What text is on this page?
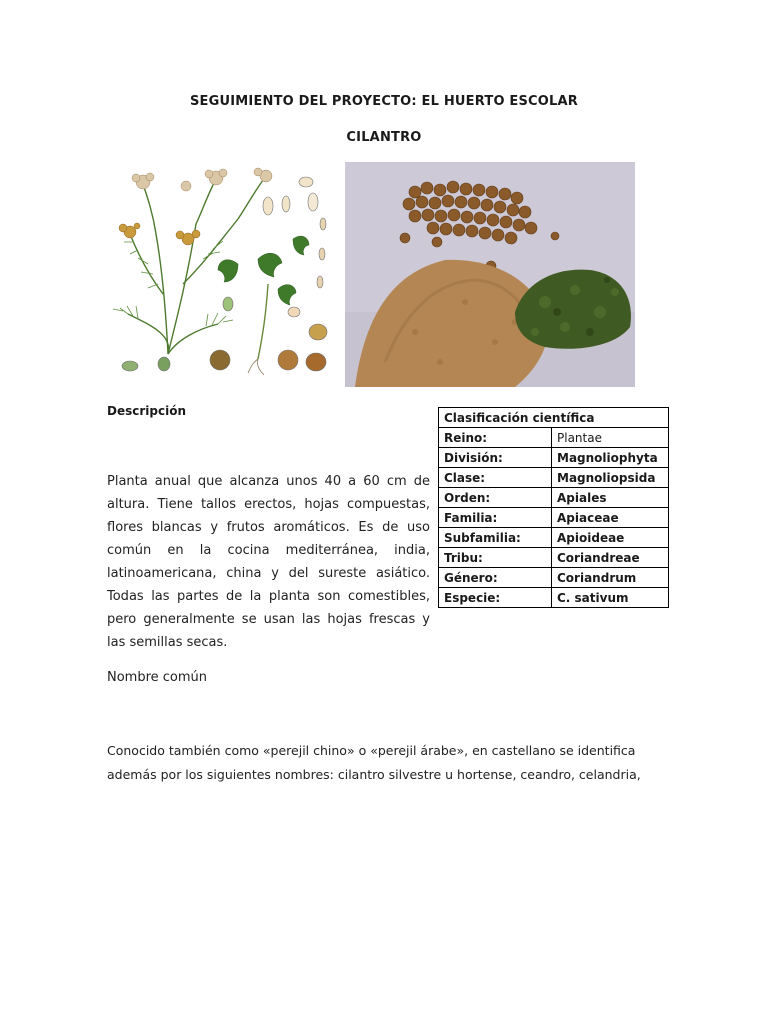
SEGUIMIENTO DEL PROYECTO: EL HUERTO ESCOLAR
CILANTRO
Descripción
Planta anual que alcanza unos 40 a 60 cm de altura. Tiene tallos erectos, hojas compuestas, flores blancas y frutos aromáticos. Es de uso común en la cocina mediterránea, india, latinoamericana, china y del sureste asiático. Todas las partes de la planta son comestibles, pero generalmente se usan las hojas frescas y las semillas secas.
Clasificación científica	
Reino:	Plantae
División:	Magnoliophyta
Clase:	Magnoliopsida
Orden:	Apiales
Familia:	Apiaceae
Subfamilia:	Apioideae
Tribu:	Coriandreae
Género:	Coriandrum
Especie:	C. sativum
Nombre común
Conocido también como «perejil chino» o «perejil árabe», en castellano se identifica además por los siguientes nombres: cilantro silvestre u hortense, ceandro, celandria,
